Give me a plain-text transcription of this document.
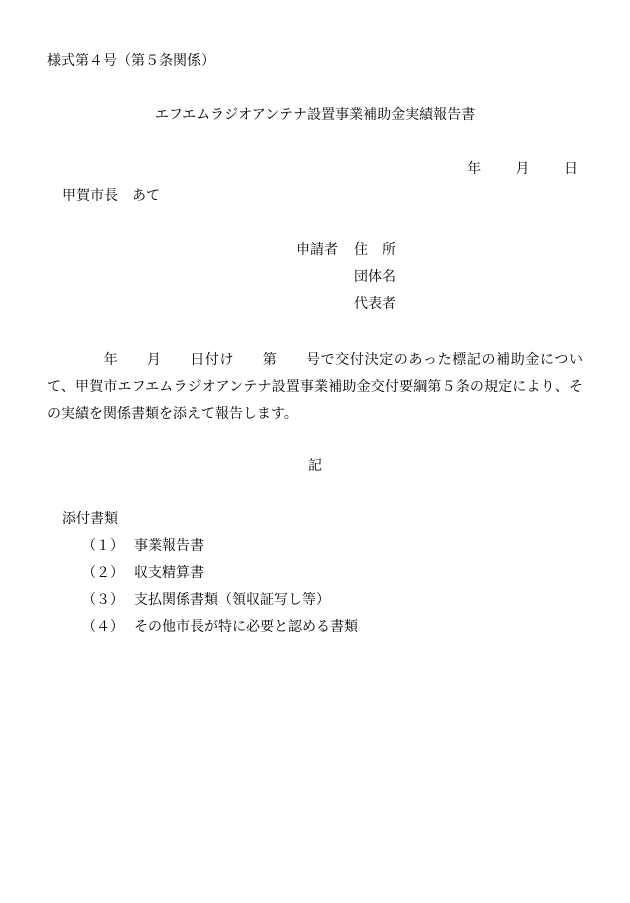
様式第４号（第５条関係）
エフエムラジオアンテナ設置事業補助金実績報告書
年 月 日
甲賀市長　あて
申請者 住　所
団体名
代表者
年 月 日付け 第 号で交付決定のあった標記の補助金について、甲賀市エフエムラジオアンテナ設置事業補助金交付要綱第５条の規定により、その実績を関係書類を添えて報告します。
記
添付書類
（１） 事業報告書
（２） 収支精算書
（３） 支払関係書類（領収証写し等）
（４） その他市長が特に必要と認める書類
